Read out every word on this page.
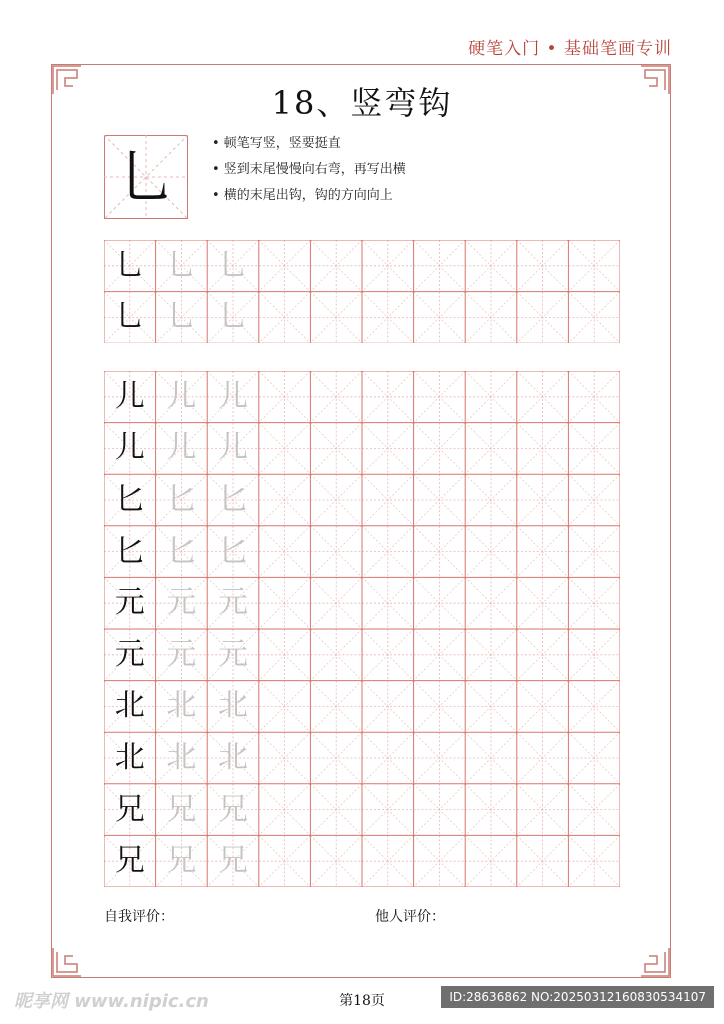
硬笔入门 • 基础笔画专训
18、竖弯钩
乚	• 顿笔写竖，竖要挺直
• 竖到末尾慢慢向右弯，再写出横
• 横的末尾出钩，钩的方向向上
乚 乚 乚
乚 乚 乚
儿 儿 儿
儿 儿 儿
匕 匕 匕
匕 匕 匕
元 元 元
元 元 元
北 北 北
北 北 北
兄 兄 兄
兄 兄 兄
自我评价：	他人评价：
第18页
昵享网 www.nipic.cn	ID:28636862 NO:20250312160830534107
